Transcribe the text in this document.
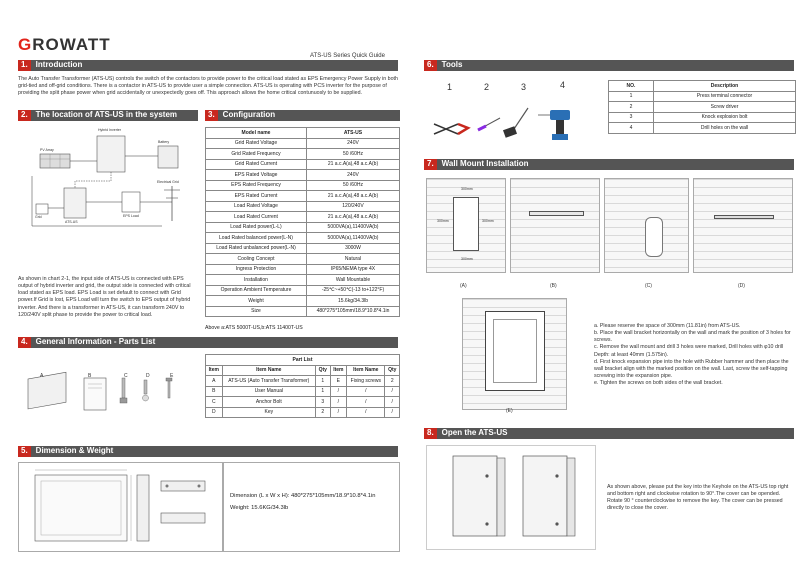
GROWATT
ATS-US Series Quick Guide
1.	Introduction
The Auto Transfer Transformer (ATS-US) controls the switch of the contactors to provide power to the critical load stated as EPS Emergency Power Supply in both grid-tied and off-grid conditions. There is a contactor in ATS-US to provide user a simple connection. ATS-US is operating with PCS inverter for the purpose of providing the split phase power when grid accidentally or unexpectedly goes off. This approach allows the home critical contunuosly to be supplied.
2.	The location of ATS-US in the system
Hybrid Inverter
PV Array
Battery
ATS-US
Grid	EPS Load
Electrical Grid
As shown in chart 2-1, the input side of ATS-US is connected with EPS output of hybrid inverter and grid, the output side is connected with critical load stated as EPS load. EPS Load is set default to connect with Grid power.If Grid is lost, EPS Load will turn the switch to EPS output of hybrid inverter. And there is a transformer in ATS-US, it can transform 240V to 120/240V split phase to provide the power to critical load.
3.	Configuration
Model name	ATS-US
Grid Rated Voltage	240V
Grid Rated Frequency	50 /60Hz
Grid Rated Current	21 a.c.A(a),48 a.c.A(b)
EPS Rated Voltage	240V
EPS Rated Frequency	50 /60Hz
EPS Rated Current	21 a.c.A(a),48 a.c.A(b)
Load Rated Voltage	120/240V
Load Rated Current	21 a.c.A(a),48 a.c.A(b)
Load Rated power(L-L)	5000VA(a),11400VA(b)
Load Rated balanced power(L-N)	5000VA(a),11400VA(b)
Load Rated unbalanced power(L-N)	3000W
Cooling Concept	Natural
Ingress Protection	IP65/NEMA type 4X
Installation	Wall Mountable
Operation Ambient Temperature	-25℃~+50℃(-13 to+122°F)
Weight	15.6kg/34.3lb
Size	480*275*105mm/18.9*10.8*4.1in
Above a:ATS 5000T-US,b:ATS 11400T-US
4.	General Information - Parts List
A	B	C	D	E
Part List					
Item	Item Name	Qty	Item	Item Name	Qty
A	ATS-US (Auto Transfer Transformer)	1	E	Fixing screws	2
B	User Manual	1	/	/	/
C	Anchor Bolt	3	/	/	/
D	Key	2	/	/	/
5.	Dimension & Weight
Dimension (L x W x H): 480*275*105mm/18.9*10.8*4.1in
Weight: 15.6KG/34.3lb
6.	Tools
1	2	3	4	NO.	Description
1	Press terminal connector
2	Screw driver
3	Knock explosion bolt
4	Drill holes on the wall
7.	Wall Mount Installation
300mm	300mm
300mm
300mm
(A)	(B)	(C)	(D)
(E)
a. Please reserve the space of 300mm (11.81in) from ATS-US.
b. Place the wall bracket horizontally on the wall and mark the position of 3 holes for screws.
c. Remove the wall mount and drill 3 holes were marked, Drill holes with φ10 drill Depth: at least 40mm (1.575in).
d. First knock expansion pipe into the hole with Rubber hammer and then place the wall bracket align with the marked position on the wall. Last, screw the self-tapping screwing into the expansion pipe.
e. Tighten the screws on both sides of the wall bracket.
8.	Open the ATS-US
As shown above, please put the key into the Keyhole on the ATS-US top right and bottom right and clockwise rotation to 90°.The cover can be opended. Rotate 90 ° counterclockwise to remove the key. The cover can be pressed directly to close the cover.
